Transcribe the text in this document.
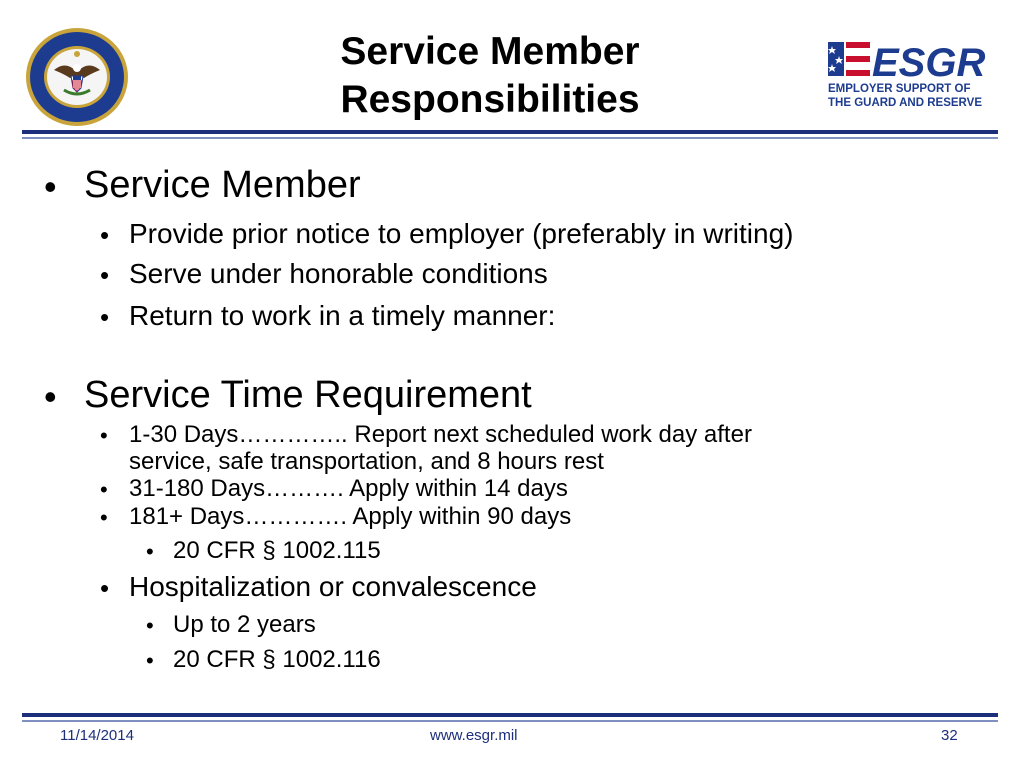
ESGR
EMPLOYER SUPPORT OF
THE GUARD AND RESERVE
Service Member
Responsibilities
• Service Member
• Provide prior notice to employer (preferably in writing)
• Serve under honorable conditions
• Return to work in a timely manner:
• Service Time Requirement
• 1-30 Days………….. Report next scheduled work day after
service, safe transportation, and 8 hours rest
• 31-180 Days………. Apply within 14 days
• 181+ Days…………. Apply within 90 days
• 20 CFR § 1002.115
• Hospitalization or convalescence
• Up to 2 years
• 20 CFR § 1002.116
11/14/2014	www.esgr.mil	32
